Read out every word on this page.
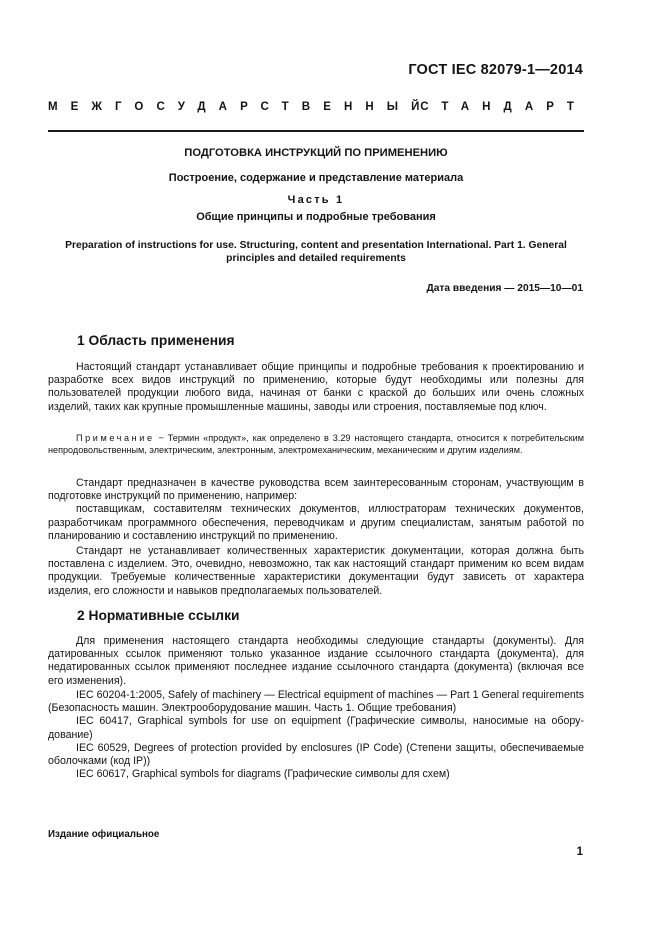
ГОСТ IEC 82079-1—2014
МЕЖГОСУДАРСТВЕННЫЙ
СТАНДАРТ
ПОДГОТОВКА ИНСТРУКЦИЙ ПО ПРИМЕНЕНИЮ
Построение, содержание и представление материала
Часть 1
Общие принципы и подробные требования
Preparation of instructions for use. Structuring, content and presentation International. Part 1. General principles and detailed requirements
Дата введения — 2015—10—01
1 Область применения
Настоящий стандарт устанавливает общие принципы и подробные требования к проектированию и разработке всех видов инструкций по применению, которые будут необходимы или полезны для пользователей продукции любого вида, начиная от банки с краской до больших или очень сложных изделий, таких как крупные промышленные машины, заводы или строения, поставляемые под ключ.
Примечание − Термин «продукт», как определено в 3.29 настоящего стандарта, относится к потребительским непродовольственным, электрическим, электронным, электромеханическим, механическим и другим изделиям.
Стандарт предназначен в качестве руководства всем заинтересованным сторонам, участвующим в подготовке инструкций по применению, например:
поставщикам, составителям технических документов, иллюстраторам технических документов, разработчикам программного обеспечения, переводчикам и другим специалистам, занятым работой по планированию и составлению инструкций по применению.
Стандарт не устанавливает количественных характеристик документации, которая должна быть поставлена с изделием. Это, очевидно, невозможно, так как настоящий стандарт применим ко всем видам продукции. Требуемые количественные характеристики документации будут зависеть от характера изделия, его сложности и навыков предполагаемых пользователей.
2 Нормативные ссылки
Для применения настоящего стандарта необходимы следующие стандарты (документы). Для датированных ссылок применяют только указанное издание ссылочного стандарта (документа), для недатированных ссылок применяют последнее издание ссылочного стандарта (документа) (включая все его изменения).
IEC 60204-1:2005, Safely of machinery — Electrical equipment of machines — Part 1 General requirements (Безопасность машин. Электрооборудование машин. Часть 1. Общие требования)
IEC 60417, Graphical symbols for use on equipment (Графические символы, наносимые на оборудование)
IEC 60529, Degrees of protection provided by enclosures (IP Code) (Степени защиты, обеспечиваемые оболочками (код IP))
IEC 60617, Graphical symbols for diagrams (Графические символы для схем)
Издание официальное
1
